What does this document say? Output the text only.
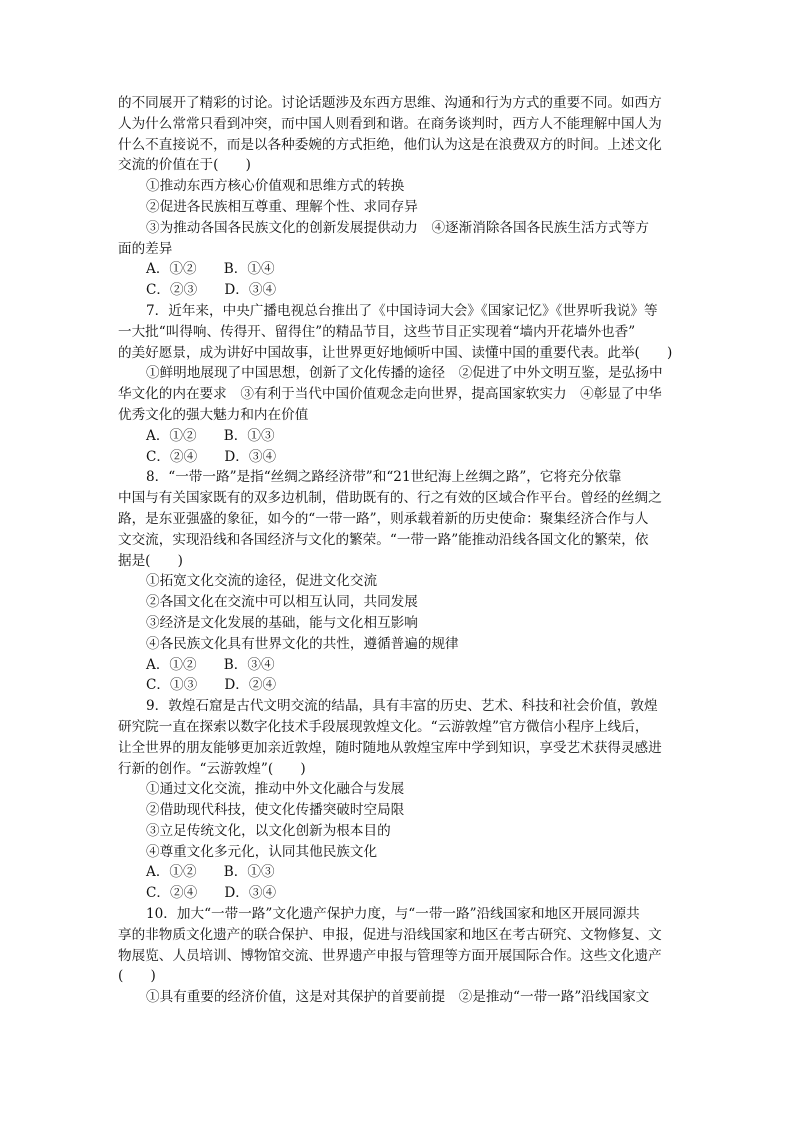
的不同展开了精彩的讨论。讨论话题涉及东西方思维、沟通和行为方式的重要不同。如西方
人为什么常常只看到冲突，而中国人则看到和谐。在商务谈判时，西方人不能理解中国人为
什么不直接说不，而是以各种委婉的方式拒绝，他们认为这是在浪费双方的时间。上述文化
交流的价值在于(　　)
①推动东西方核心价值观和思维方式的转换
②促进各民族相互尊重、理解个性、求同存异
③为推动各国各民族文化的创新发展提供动力　④逐渐消除各国各民族生活方式等方
面的差异
A．①②　　B．①④
C．②③　　D．③④
7．近年来，中央广播电视总台推出了《中国诗词大会》《国家记忆》《世界听我说》等
一大批“叫得响、传得开、留得住”的精品节目，这些节目正实现着“墙内开花墙外也香”
的美好愿景，成为讲好中国故事，让世界更好地倾听中国、读懂中国的重要代表。此举(　　)
①鲜明地展现了中国思想，创新了文化传播的途径　②促进了中外文明互鉴，是弘扬中
华文化的内在要求　③有利于当代中国价值观念走向世界，提高国家软实力　④彰显了中华
优秀文化的强大魅力和内在价值
A．①②　　B．①③
C．②④　　D．③④
8．“一带一路”是指“丝绸之路经济带”和“21世纪海上丝绸之路”，它将充分依靠
中国与有关国家既有的双多边机制，借助既有的、行之有效的区域合作平台。曾经的丝绸之
路，是东亚强盛的象征，如今的“一带一路”，则承载着新的历史使命：聚集经济合作与人
文交流，实现沿线和各国经济与文化的繁荣。“一带一路”能推动沿线各国文化的繁荣，依
据是(　　)
①拓宽文化交流的途径，促进文化交流
②各国文化在交流中可以相互认同，共同发展
③经济是文化发展的基础，能与文化相互影响
④各民族文化具有世界文化的共性，遵循普遍的规律
A．①②　　B．③④
C．①③　　D．②④
9．敦煌石窟是古代文明交流的结晶，具有丰富的历史、艺术、科技和社会价值，敦煌
研究院一直在探索以数字化技术手段展现敦煌文化。“云游敦煌”官方微信小程序上线后，
让全世界的朋友能够更加亲近敦煌，随时随地从敦煌宝库中学到知识，享受艺术获得灵感进
行新的创作。“云游敦煌”(　　)
①通过文化交流，推动中外文化融合与发展
②借助现代科技，使文化传播突破时空局限
③立足传统文化，以文化创新为根本目的
④尊重文化多元化，认同其他民族文化
A．①②　　B．①③
C．②④　　D．③④
10．加大“一带一路”文化遗产保护力度，与“一带一路”沿线国家和地区开展同源共
享的非物质文化遗产的联合保护、申报，促进与沿线国家和地区在考古研究、文物修复、文
物展览、人员培训、博物馆交流、世界遗产申报与管理等方面开展国际合作。这些文化遗产
(　　)
①具有重要的经济价值，这是对其保护的首要前提　②是推动“一带一路”沿线国家文
